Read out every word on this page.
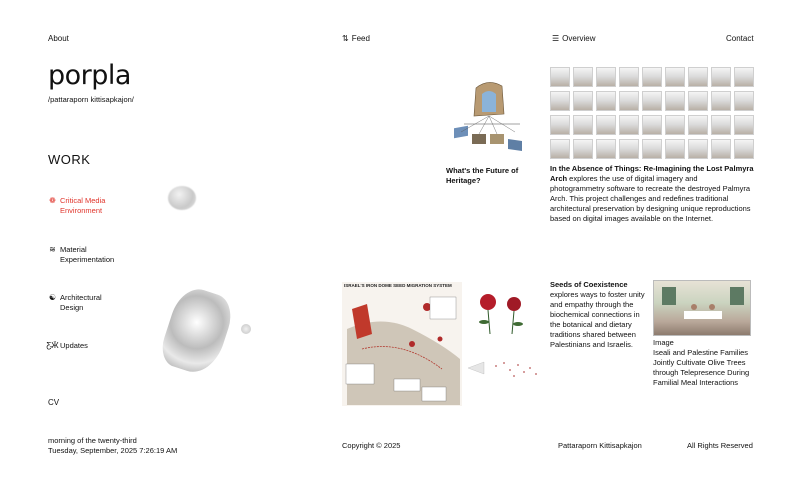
About	⇅ Feed	☰ Overview	Contact
porpla
/pattaraporn kittisapkajon/
WORK
❁ Critical Media Environment
≋ Material Experimentation
☯ Architectural Design
Ƹ̵Ӝ Updates
CV
What's the Future of Heritage?
In the Absence of Things: Re-Imagining the Lost Palmyra Arch explores the use of digital imagery and photogrammetry software to recreate the destroyed Palmyra Arch. This project challenges and redefines traditional architectural preservation by designing unique reproductions based on digital images available on the Internet.
ISRAEL'S IRON DOME SEED MIGRATION SYSTEM	Seeds of Coexistence
explores ways to foster unity and empathy through the biochemical connections in the botanical and dietary traditions shared between Palestinians and Israelis.	Image
Iseali and Palestine Families Jointly Cultivate Olive Trees through Telepresence During Familial Meal Interactions
morning of the twenty-third
Tuesday, September, 2025 7:26:19 AM
Copyright © 2025	Pattaraporn Kittisapkajon	All Rights Reserved
